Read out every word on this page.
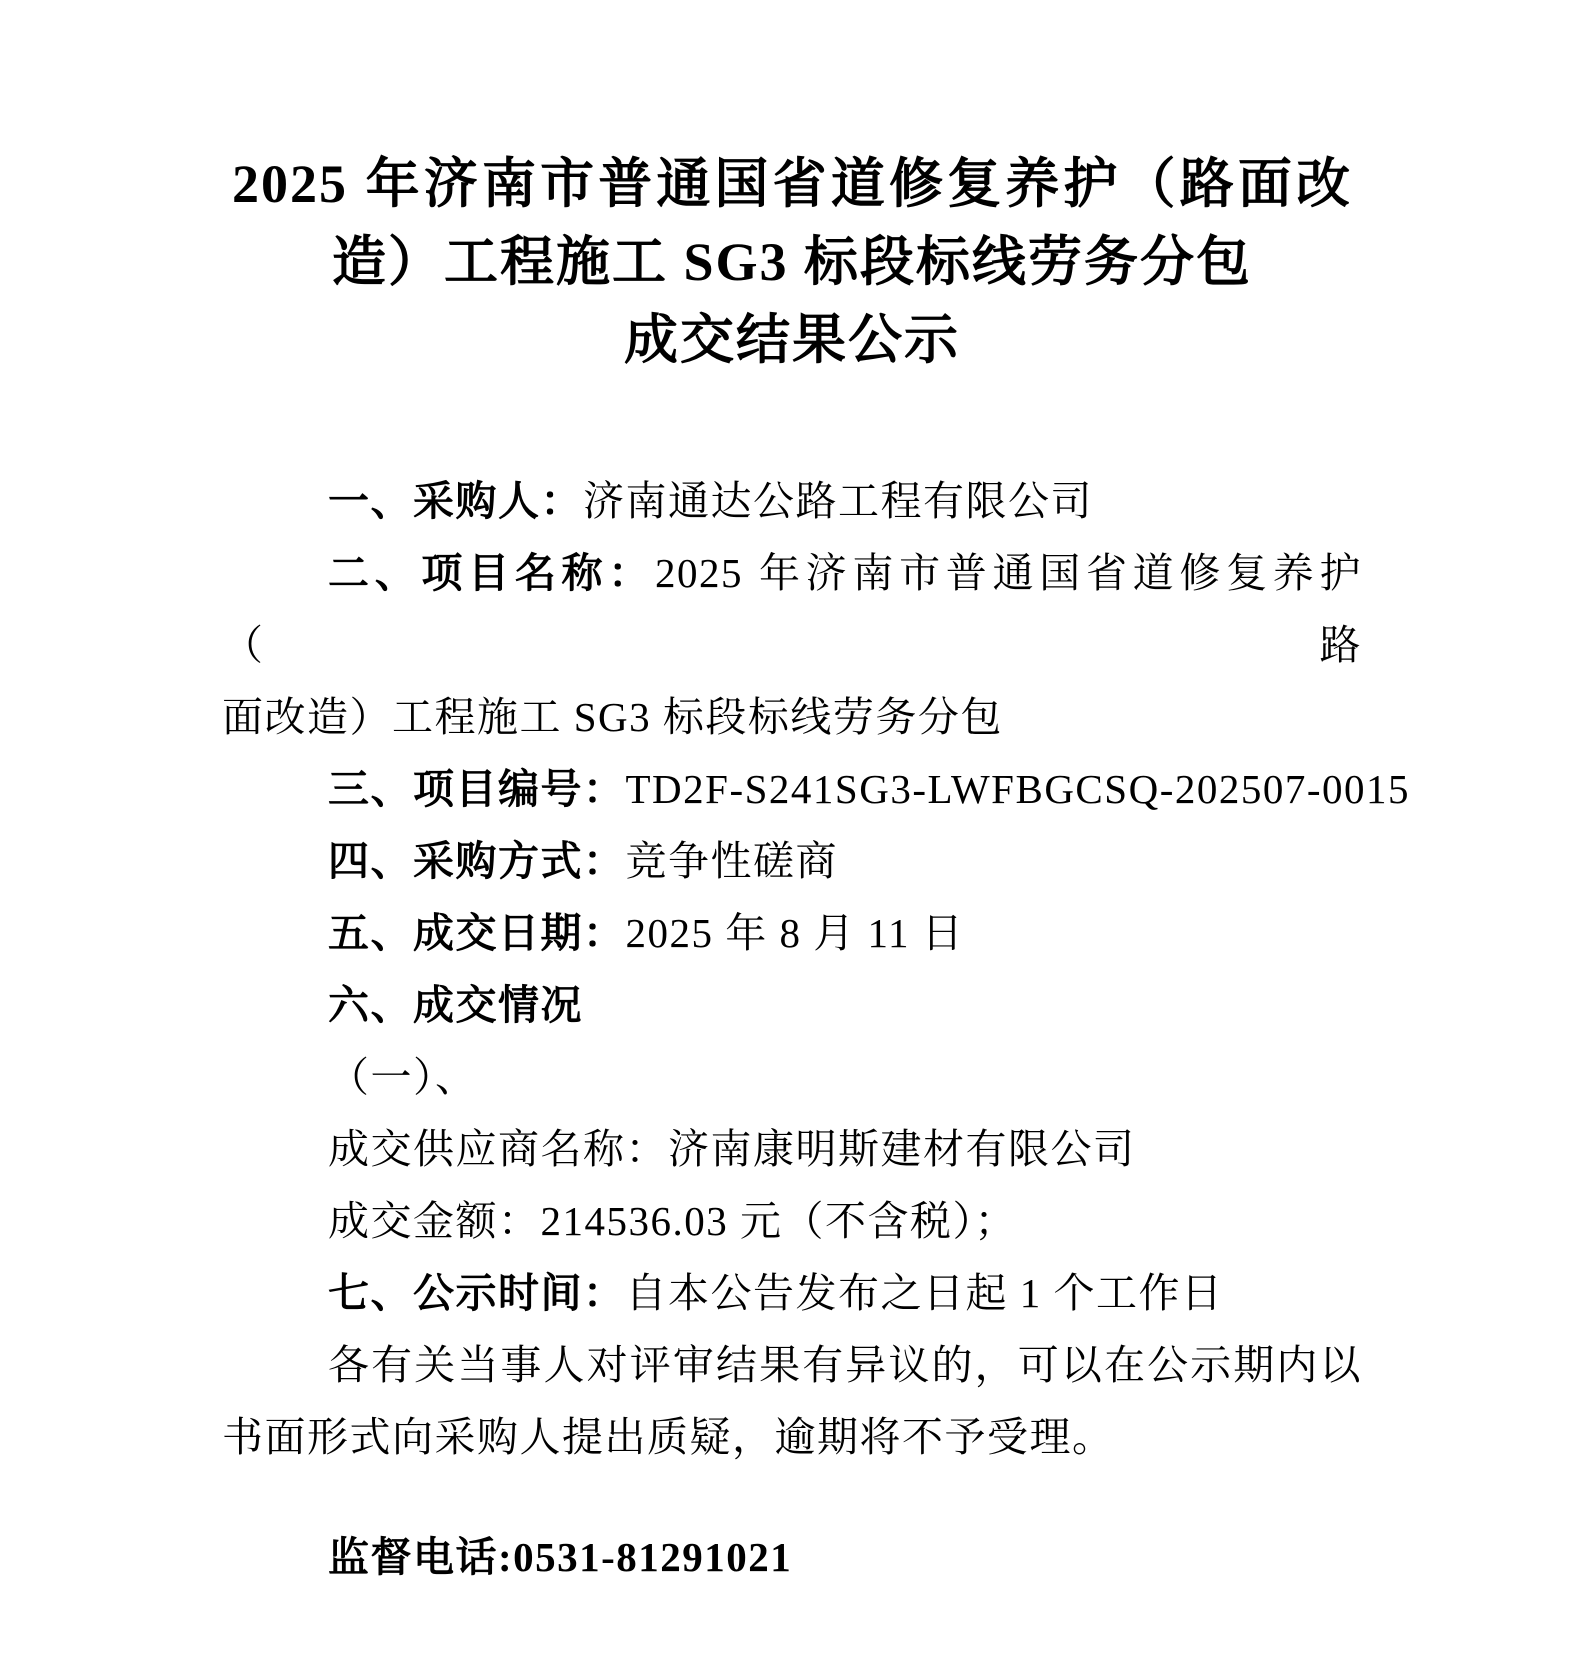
2025 年济南市普通国省道修复养护（路面改
造）工程施工 SG3 标段标线劳务分包
成交结果公示

一、采购人：济南通达公路工程有限公司

二、项目名称：2025 年济南市普通国省道修复养护（路

面改造）工程施工 SG3 标段标线劳务分包

三、项目编号：TD2F-S241SG3-LWFBGCSQ-202507-0015

四、采购方式：竞争性磋商

五、成交日期：2025 年 8 月 11 日

六、成交情况

（一）、

成交供应商名称：济南康明斯建材有限公司

成交金额：214536.03 元（不含税）；

七、公示时间：自本公告发布之日起 1 个工作日

各有关当事人对评审结果有异议的，可以在公示期内以

书面形式向采购人提出质疑，逾期将不予受理。

监督电话:0531-81291021
